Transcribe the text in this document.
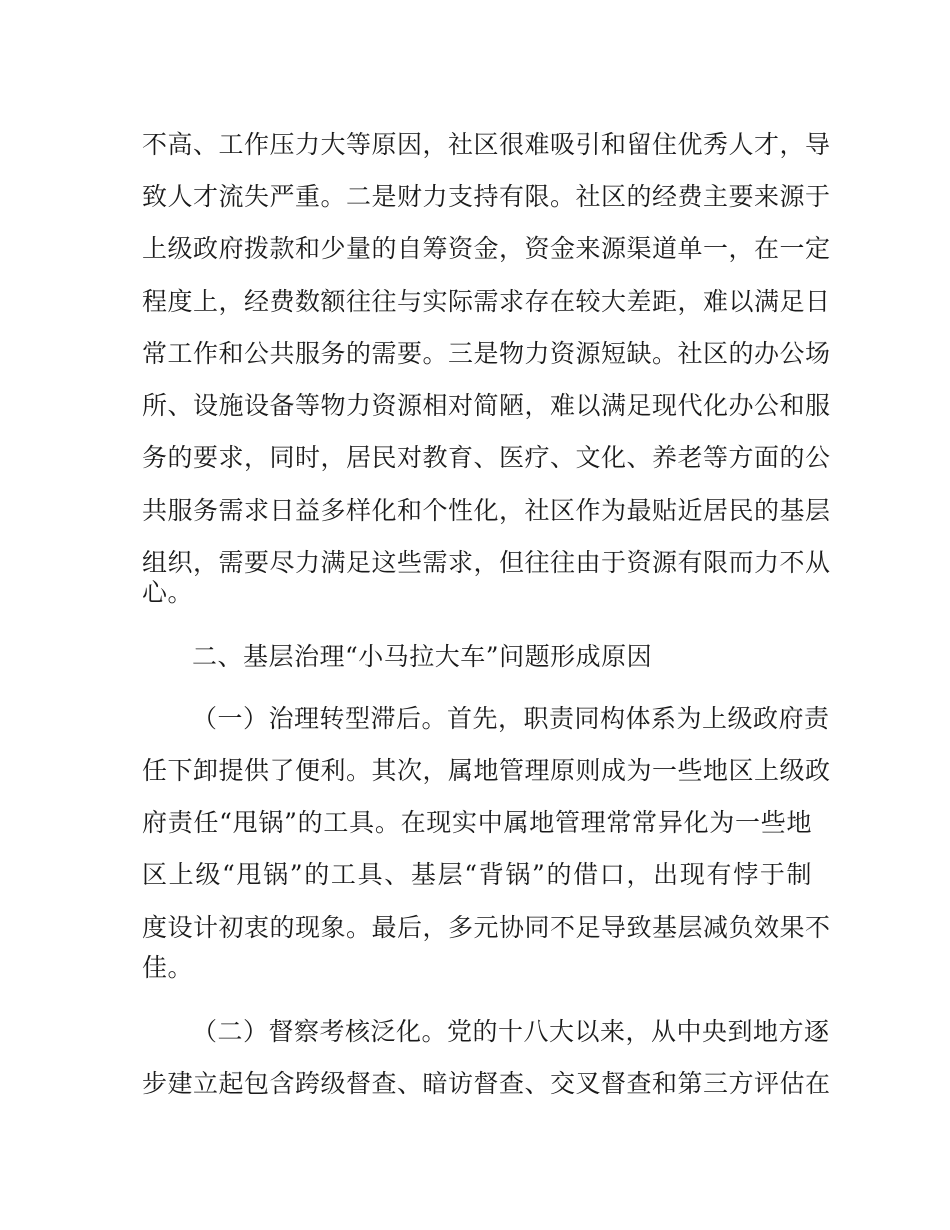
不高、工作压力大等原因，社区很难吸引和留住优秀人才，导

致人才流失严重。二是财力支持有限。社区的经费主要来源于

上级政府拨款和少量的自筹资金，资金来源渠道单一，在一定

程度上，经费数额往往与实际需求存在较大差距，难以满足日

常工作和公共服务的需要。三是物力资源短缺。社区的办公场

所、设施设备等物力资源相对简陋，难以满足现代化办公和服

务的要求，同时，居民对教育、医疗、文化、养老等方面的公

共服务需求日益多样化和个性化，社区作为最贴近居民的基层

组织，需要尽力满足这些需求，但往往由于资源有限而力不从

心。

二、基层治理“小马拉大车”问题形成原因

（一）治理转型滞后。首先，职责同构体系为上级政府责

任下卸提供了便利。其次，属地管理原则成为一些地区上级政

府责任“甩锅”的工具。在现实中属地管理常常异化为一些地

区上级“甩锅”的工具、基层“背锅”的借口，出现有悖于制

度设计初衷的现象。最后，多元协同不足导致基层减负效果不

佳。

（二）督察考核泛化。党的十八大以来，从中央到地方逐

步建立起包含跨级督查、暗访督查、交叉督查和第三方评估在
